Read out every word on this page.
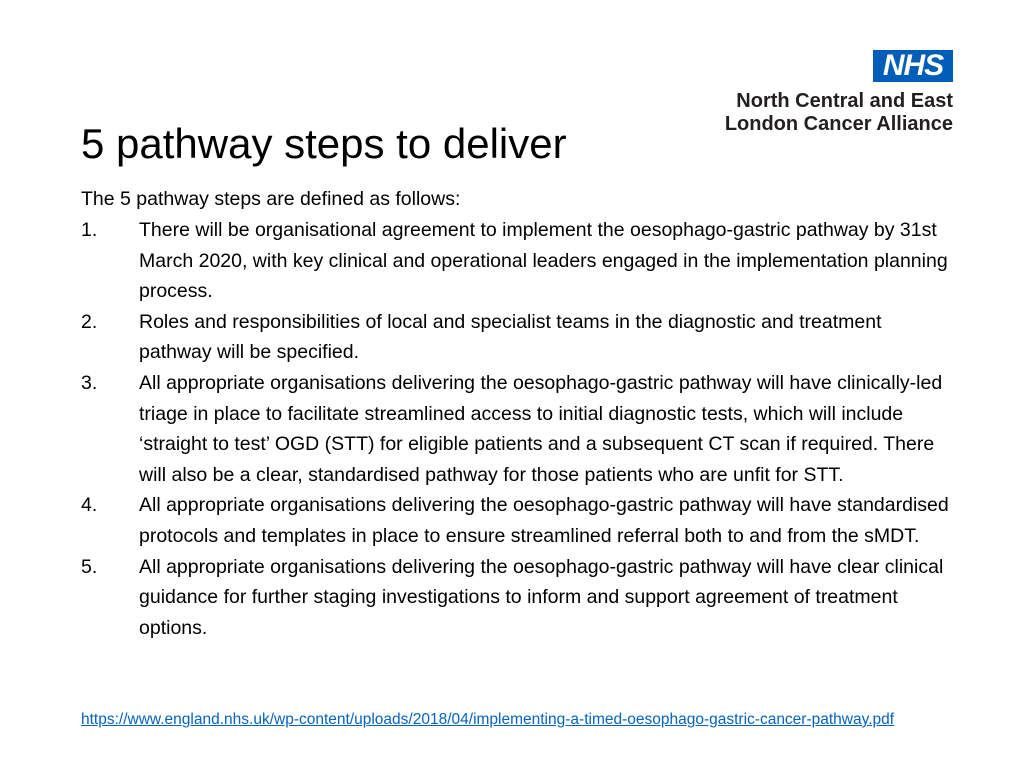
NHS
North Central and East
London Cancer Alliance
5 pathway steps to deliver
The 5 pathway steps are defined as follows:
1. There will be organisational agreement to implement the oesophago-gastric pathway by 31st March 2020, with key clinical and operational leaders engaged in the implementation planning process.
2. Roles and responsibilities of local and specialist teams in the diagnostic and treatment pathway will be specified.
3. All appropriate organisations delivering the oesophago-gastric pathway will have clinically-led triage in place to facilitate streamlined access to initial diagnostic tests, which will include ‘straight to test’ OGD (STT) for eligible patients and a subsequent CT scan if required. There will also be a clear, standardised pathway for those patients who are unfit for STT.
4. All appropriate organisations delivering the oesophago-gastric pathway will have standardised protocols and templates in place to ensure streamlined referral both to and from the sMDT.
5. All appropriate organisations delivering the oesophago-gastric pathway will have clear clinical guidance for further staging investigations to inform and support agreement of treatment options.
https://www.england.nhs.uk/wp-content/uploads/2018/04/implementing-a-timed-oesophago-gastric-cancer-pathway.pdf
